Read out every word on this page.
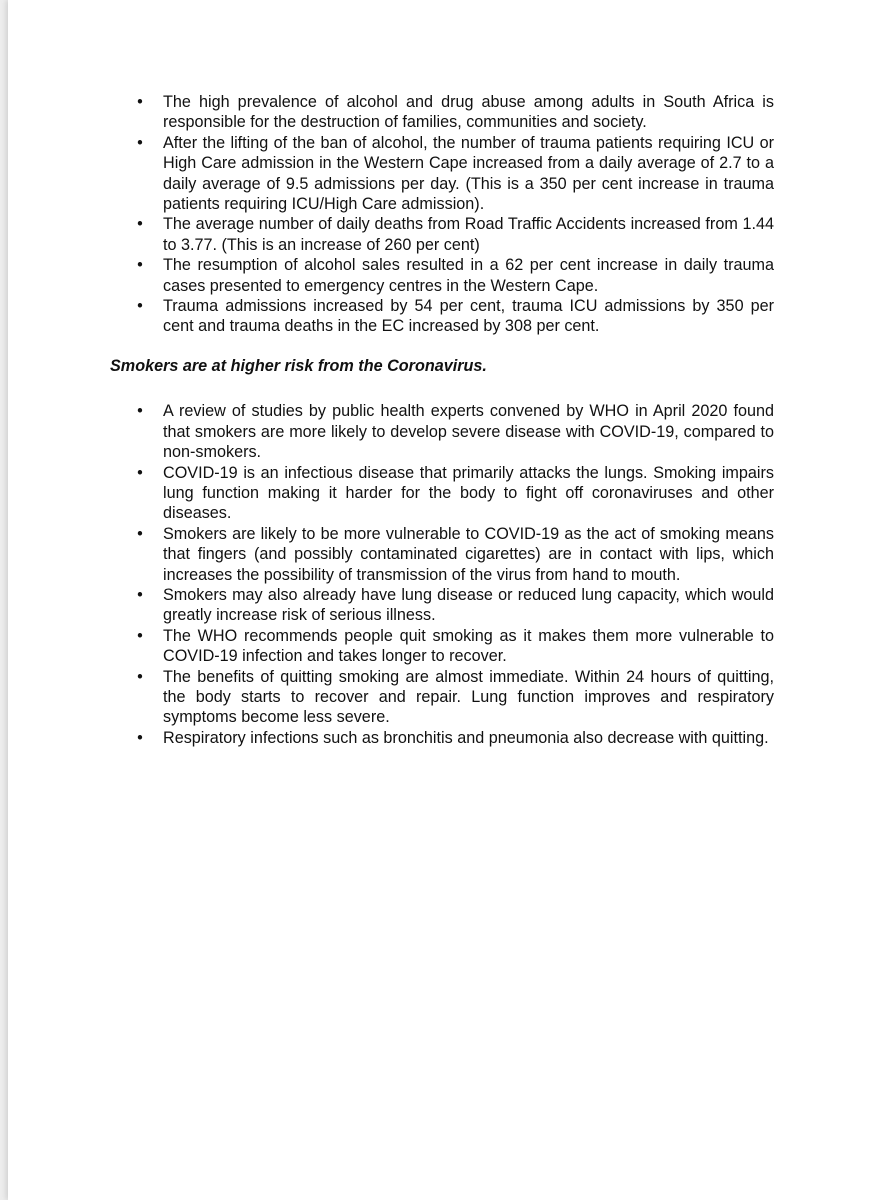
• The high prevalence of alcohol and drug abuse among adults in South Africa is responsible for the destruction of families, communities and society.
• After the lifting of the ban of alcohol, the number of trauma patients requiring ICU or High Care admission in the Western Cape increased from a daily average of 2.7 to a daily average of 9.5 admissions per day. (This is a 350 per cent increase in trauma patients requiring ICU/High Care admission).
• The average number of daily deaths from Road Traffic Accidents increased from 1.44 to 3.77. (This is an increase of 260 per cent)
• The resumption of alcohol sales resulted in a 62 per cent increase in daily trauma cases presented to emergency centres in the Western Cape.
• Trauma admissions increased by 54 per cent, trauma ICU admissions by 350 per cent and trauma deaths in the EC increased by 308 per cent.
Smokers are at higher risk from the Coronavirus.
• A review of studies by public health experts convened by WHO in April 2020 found that smokers are more likely to develop severe disease with COVID-19, compared to non-smokers.
• COVID-19 is an infectious disease that primarily attacks the lungs. Smoking impairs lung function making it harder for the body to fight off coronaviruses and other diseases.
• Smokers are likely to be more vulnerable to COVID-19 as the act of smoking means that fingers (and possibly contaminated cigarettes) are in contact with lips, which increases the possibility of transmission of the virus from hand to mouth.
• Smokers may also already have lung disease or reduced lung capacity, which would greatly increase risk of serious illness.
• The WHO recommends people quit smoking as it makes them more vulnerable to COVID-19 infection and takes longer to recover.
• The benefits of quitting smoking are almost immediate. Within 24 hours of quitting, the body starts to recover and repair. Lung function improves and respiratory symptoms become less severe.
• Respiratory infections such as bronchitis and pneumonia also decrease with quitting.
